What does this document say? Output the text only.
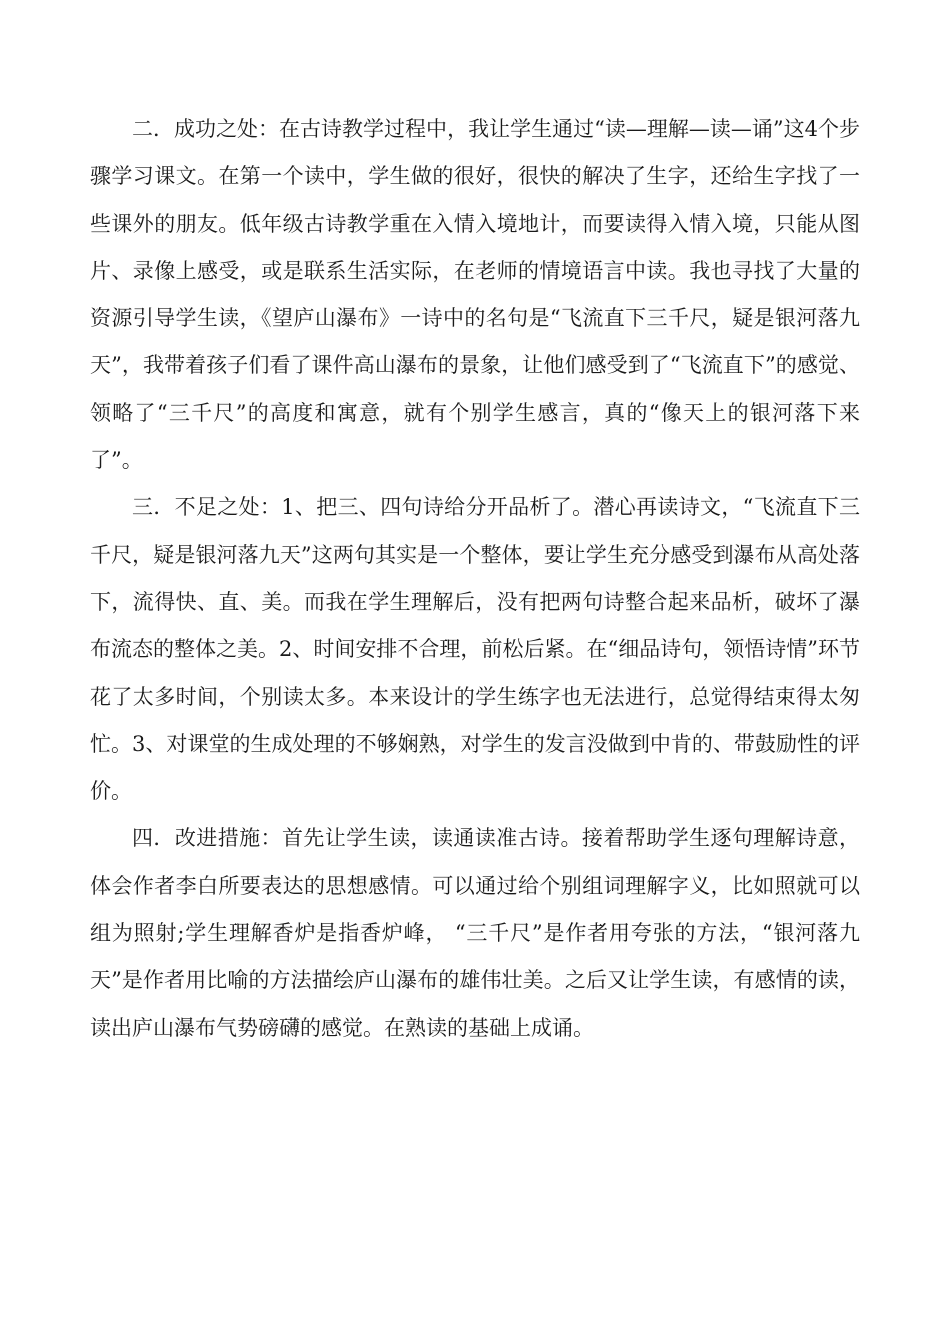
二．成功之处：在古诗教学过程中，我让学生通过“读—理解—读—诵”这4个步骤学习课文。在第一个读中，学生做的很好，很快的解决了生字，还给生字找了一些课外的朋友。低年级古诗教学重在入情入境地计，而要读得入情入境，只能从图片、录像上感受，或是联系生活实际，在老师的情境语言中读。我也寻找了大量的资源引导学生读，《望庐山瀑布》一诗中的名句是“飞流直下三千尺，疑是银河落九天”，我带着孩子们看了课件高山瀑布的景象，让他们感受到了“飞流直下”的感觉、领略了“三千尺”的高度和寓意，就有个别学生感言，真的“像天上的银河落下来了”。

三．不足之处：1、把三、四句诗给分开品析了。潜心再读诗文，“飞流直下三千尺，疑是银河落九天”这两句其实是一个整体，要让学生充分感受到瀑布从高处落下，流得快、直、美。而我在学生理解后，没有把两句诗整合起来品析，破坏了瀑布流态的整体之美。2、时间安排不合理，前松后紧。在“细品诗句，领悟诗情”环节花了太多时间，个别读太多。本来设计的学生练字也无法进行，总觉得结束得太匆忙。3、对课堂的生成处理的不够娴熟，对学生的发言没做到中肯的、带鼓励性的评价。

四．改进措施：首先让学生读，读通读准古诗。接着帮助学生逐句理解诗意，体会作者李白所要表达的思想感情。可以通过给个别组词理解字义，比如照就可以组为照射;学生理解香炉是指香炉峰， “三千尺”是作者用夸张的方法，“银河落九天”是作者用比喻的方法描绘庐山瀑布的雄伟壮美。之后又让学生读，有感情的读，读出庐山瀑布气势磅礴的感觉。在熟读的基础上成诵。
